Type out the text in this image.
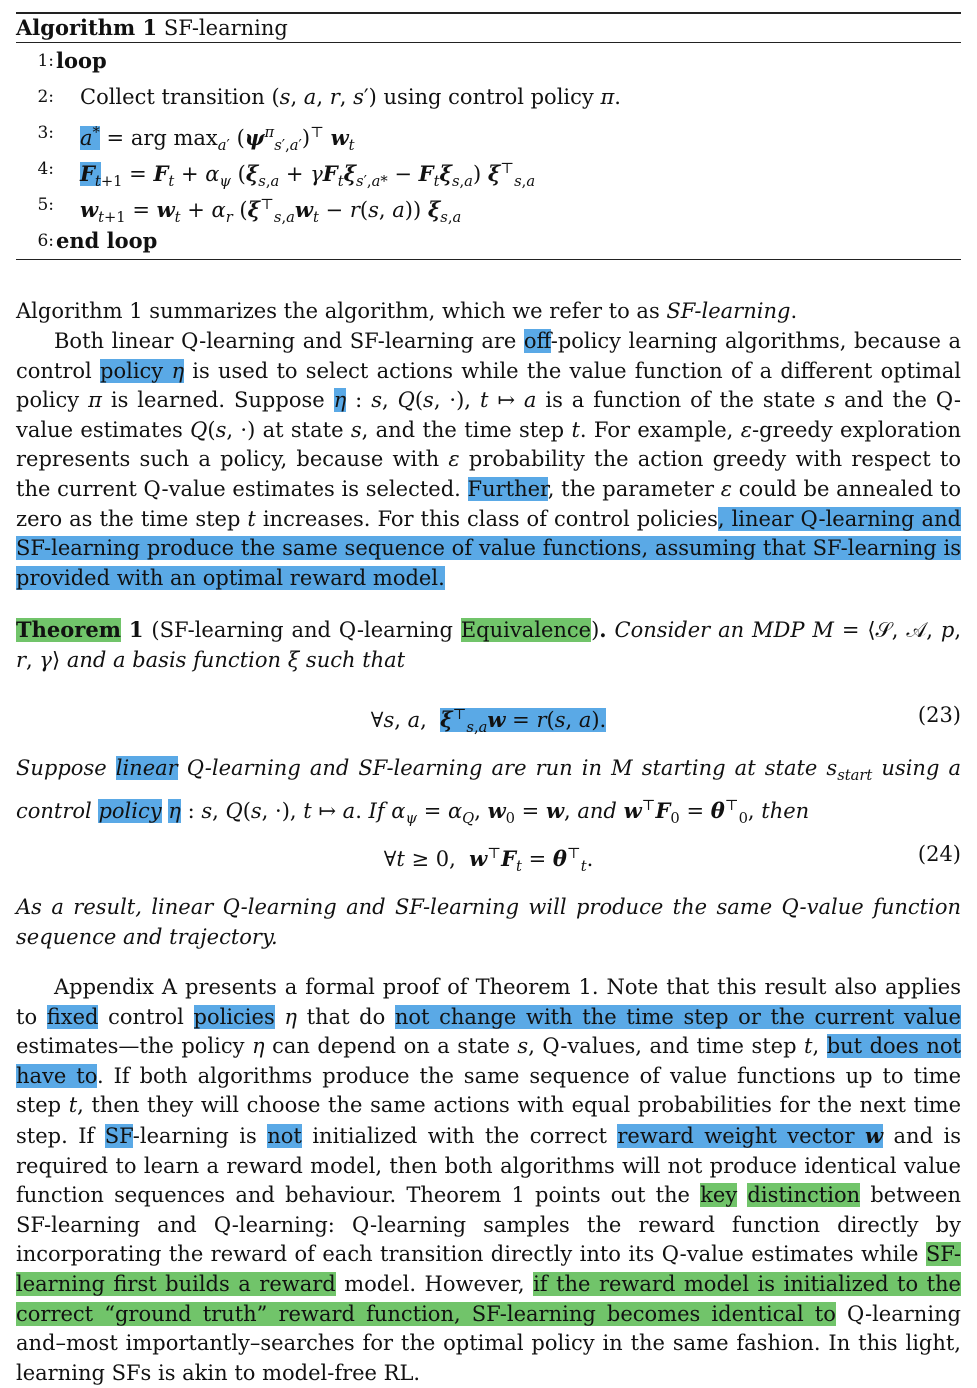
Algorithm 1 SF-learning
1: loop
2: Collect transition (s, a, r, s′) using control policy π.
3: a* = arg $\max_{a'} (\psi^\pi_{s',a'})^⊤$ $w_t$
4: $F_{t+1} = F_t + \alpha_\psi$ $(\xi_{s,a} + \gamma F_t\xi_{s',a*} - F_t\xi_{s,a})$ $\xi^⊤_{s,a}$
5: $w_{t+1} = w_t + \alpha_r$ ($\xi^⊤_{s,a}w_t - r(s$, a)) $\xi_{s,a}$
6: end loop
Algorithm 1 summarizes the algorithm, which we refer to as SF-learning.
Both linear Q-learning and SF-learning are off-policy learning algorithms, because a control policy η is used to select actions while the value function of a different optimal policy π is learned. Suppose η : s, Q(s, ·), t ↦ a is a function of the state s and the Q-value estimates Q(s, ·) at state s, and the time step t. For example, ε-greedy exploration represents such a policy, because with ε probability the action greedy with respect to the current Q-value estimates is selected. Further, the parameter ε could be annealed to zero as the time step t increases. For this class of control policies, linear Q-learning and SF-learning produce the same sequence of value functions, assuming that SF-learning is provided with an optimal reward model.
Theorem 1 (SF-learning and Q-learning Equivalence). Consider an MDP M = ⟨𝒮, 𝒜, p, r, γ⟩ and a basis function ξ such that
∀s, a,  $\xi^⊤_{s,a}w = r(s$, a).	(23)
Suppose linear Q-learning and SF-learning are run in M starting at state $s_{start}$ using a control policy η : s, Q(s, ·), t ↦ a. If $\alpha_\psi = \alpha_Q$, $w_0 = w$, and $w^⊤F_0 = \theta^⊤_0$, then
∀t ≥ 0,  $w^⊤F_t = \theta^⊤_t$.	(24)
As a result, linear Q-learning and SF-learning will produce the same Q-value function sequence and trajectory.
Appendix A presents a formal proof of Theorem 1. Note that this result also applies to fixed control policies η that do not change with the time step or the current value estimates—the policy η can depend on a state s, Q-values, and time step t, but does not have to. If both algorithms produce the same sequence of value functions up to time step t, then they will choose the same actions with equal probabilities for the next time step. If SF-learning is not initialized with the correct reward weight vector w and is required to learn a reward model, then both algorithms will not produce identical value function sequences and behaviour. Theorem 1 points out the key distinction between SF-learning and Q-learning: Q-learning samples the reward function directly by incorporating the reward of each transition directly into its Q-value estimates while SF-learning first builds a reward model. However, if the reward model is initialized to the correct “ground truth” reward function, SF-learning becomes identical to Q-learning and–most importantly–searches for the optimal policy in the same fashion. In this light, learning SFs is akin to model-free RL.
